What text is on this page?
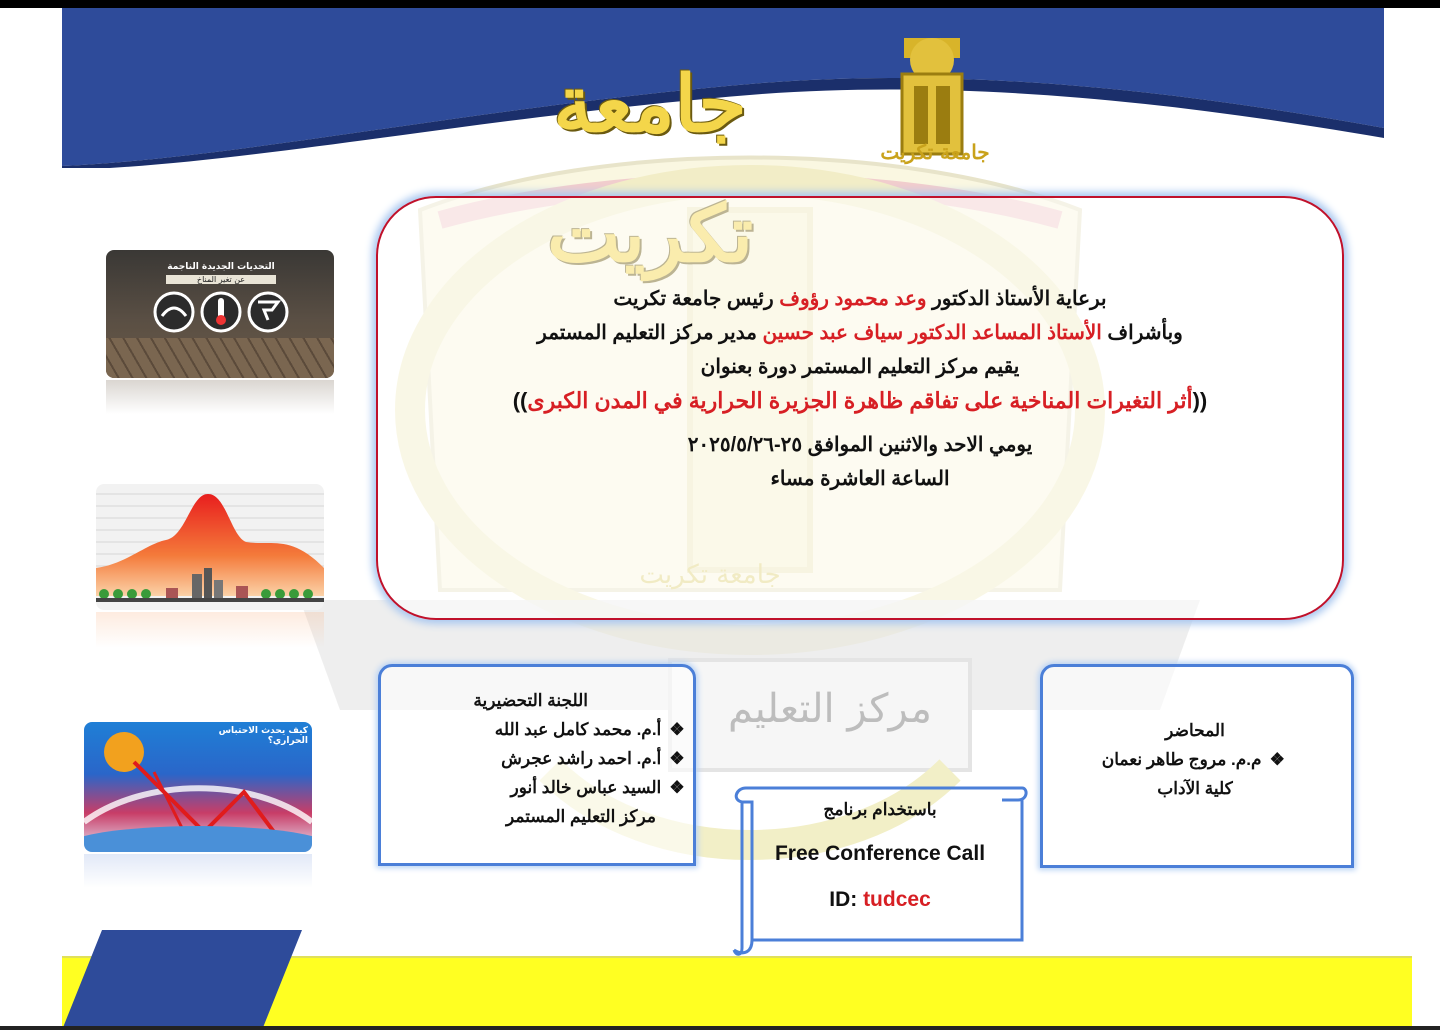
مركز التعليم
جامعة
جامعة تكريت

برعاية الأستاذ الدكتور وعد محمود رؤوف رئيس جامعة تكريت

وبأشراف الأستاذ المساعد الدكتور سياف عبد حسين مدير مركز التعليم المستمر

يقيم مركز التعليم المستمر دورة بعنوان

((أثر التغيرات المناخية على تفاقم ظاهرة الجزيرة الحرارية في المدن الكبرى))

يومي الاحد والاثنين الموافق ٢٥-٢٠٢٥/٥/٢٦

الساعة العاشرة مساء

التحديات الجديدة الناجمة
عن تغير المناخ
كيف يحدث الاحتباس الحراري؟

المحاضر

❖ م.م. مروج طاهر نعمان

كلية الآداب

اللجنة التحضيرية

❖ أ.م. محمد كامل عبد الله

❖ أ.م. احمد راشد عجرش

❖ السيد عباس خالد أنور

مركز التعليم المستمر	باستخدام برنامج

Free Conference Call

ID: tudcec
